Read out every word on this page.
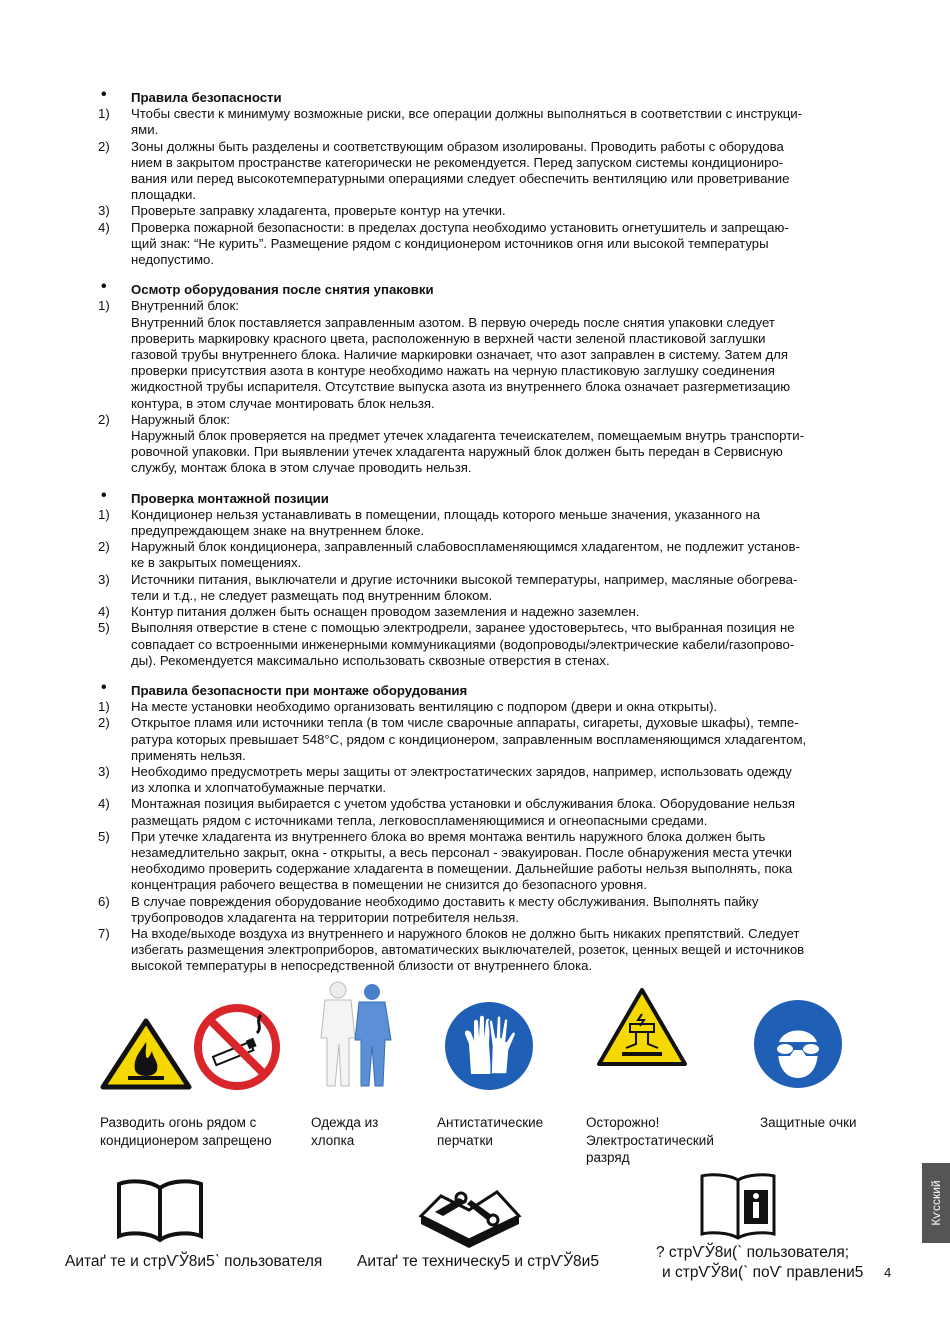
• Правила безопасности
1) Чтобы свести к минимуму возможные риски, все операции должны выполняться в соответствии с инструкци-
ями.
2) Зоны должны быть разделены и соответствующим образом изолированы. Проводить работы с оборудова
нием в закрытом пространстве категорически не рекомендуется. Перед запуском системы кондициониро-
вания или перед высокотемпературными операциями следует обеспечить вентиляцию или проветривание
площадки.
3) Проверьте заправку хладагента, проверьте контур на утечки.
4) Проверка пожарной безопасности: в пределах доступа необходимо установить огнетушитель и запрещаю-
щий знак: “Не курить”. Размещение рядом с кондиционером источников огня или высокой температуры
недопустимо.
• Осмотр оборудования после снятия упаковки
1) Внутренний блок:
Внутренний блок поставляется заправленным азотом. В первую очередь после снятия упаковки следует
проверить маркировку красного цвета, расположенную в верхней части зеленой пластиковой заглушки
газовой трубы внутреннего блока. Наличие маркировки означает, что азот заправлен в систему. Затем для
проверки присутствия азота в контуре необходимо нажать на черную пластиковую заглушку соединения
жидкостной трубы испарителя. Отсутствие выпуска азота из внутреннего блока означает разгерметизацию
контура, в этом случае монтировать блок нельзя.
2) Наружный блок:
Наружный блок проверяется на предмет утечек хладагента течеискателем, помещаемым внутрь транспорти-
ровочной упаковки. При выявлении утечек хладагента наружный блок должен быть передан в Сервисную
службу, монтаж блока в этом случае проводить нельзя.
• Проверка монтажной позиции
1) Кондиционер нельзя устанавливать в помещении, площадь которого меньше значения, указанного на
предупреждающем знаке на внутреннем блоке.
2) Наружный блок кондиционера, заправленный слабовоспламеняющимся хладагентом, не подлежит установ-
ке в закрытых помещениях.
3) Источники питания, выключатели и другие источники высокой температуры, например, масляные обогрева-
тели и т.д., не следует размещать под внутренним блоком.
4) Контур питания должен быть оснащен проводом заземления и надежно заземлен.
5) Выполняя отверстие в стене с помощью электродрели, заранее удостоверьтесь, что выбранная позиция не
совпадает со встроенными инженерными коммуникациями (водопроводы/электрические кабели/газопрово-
ды). Рекомендуется максимально использовать сквозные отверстия в стенах.
• Правила безопасности при монтаже оборудования
1) На месте установки необходимо организовать вентиляцию с подпором (двери и окна открыты).
2) Открытое пламя или источники тепла (в том числе сварочные аппараты, сигареты, духовые шкафы), темпе-
ратура которых превышает 548°C, рядом с кондиционером, заправленным воспламеняющимся хладагентом,
применять нельзя.
3) Необходимо предусмотреть меры защиты от электростатических зарядов, например, использовать одежду
из хлопка и хлопчатобумажные перчатки.
4) Монтажная позиция выбирается с учетом удобства установки и обслуживания блока. Оборудование нельзя
размещать рядом с источниками тепла, легковоспламеняющимися и огнеопасными средами.
5) При утечке хладагента из внутреннего блока во время монтажа вентиль наружного блока должен быть
незамедлительно закрыт, окна - открыты, а весь персонал - эвакуирован. После обнаружения места утечки
необходимо проверить содержание хладагента в помещении. Дальнейшие работы нельзя выполнять, пока
концентрация рабочего вещества в помещении не снизится до безопасного уровня.
6) В случае повреждения оборудование необходимо доставить к месту обслуживания. Выполнять пайку
трубопроводов хладагента на территории потребителя нельзя.
7) На входе/выходе воздуха из внутреннего и наружного блоков не должно быть никаких препятствий. Следует
избегать размещения электроприборов, автоматических выключателей, розеток, ценных вещей и источников
высокой температуры в непосредственной близости от внутреннего блока.
Разводить огонь рядом с
кондиционером запрещено
Одежда из
хлопка
Антистатические
перчатки
Осторожно!
Электростатический
разряд
Защитные очки
Аитаґ те и стрѴЎ8и5ˋ пользователя Аитаґ те техническу5 и стрѴЎ8и5
? стрѴЎ8и(ˋ пользователя;
и стрѴЎ8и(ˋ поѴ правлени5
Кѵсский
4
